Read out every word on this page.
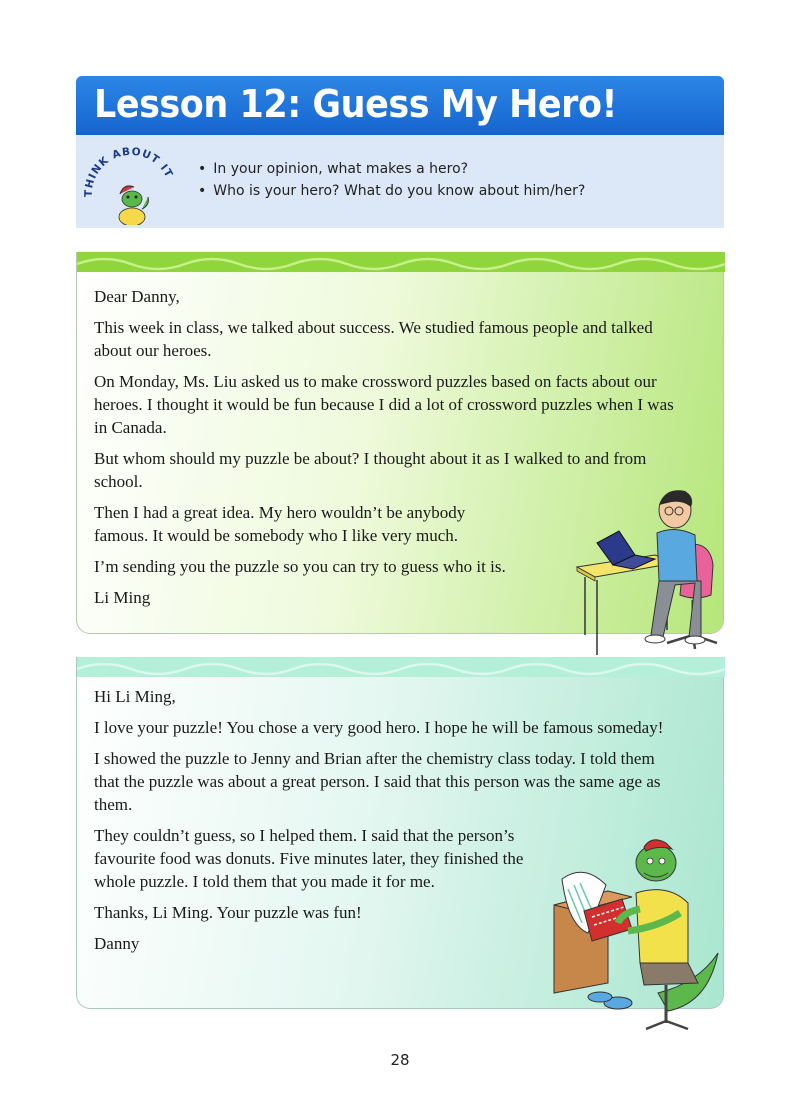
Lesson 12: Guess My Hero!
THINK ABOUT IT
•	In your opinion, what makes a hero?
• Who is your hero? What do you know about him/her?

Dear Danny,

This week in class, we talked about success. We studied famous people and talked about our heroes.

On Monday, Ms. Liu asked us to make crossword puzzles based on facts about our heroes. I thought it would be fun because I did a lot of crossword puzzles when I was in Canada.

But whom should my puzzle be about? I thought about it as I walked to and from school.

Then I had a great idea. My hero wouldn’t be anybody famous. It would be somebody who I like very much.

I’m sending you the puzzle so you can try to guess who it is.

Li Ming

Hi Li Ming,

I love your puzzle! You chose a very good hero. I hope he will be famous someday!

I showed the puzzle to Jenny and Brian after the chemistry class today. I told them that the puzzle was about a great person. I said that this person was the same age as them.

They couldn’t guess, so I helped them. I said that the person’s favourite food was donuts. Five minutes later, they finished the whole puzzle. I told them that you made it for me.

Thanks, Li Ming. Your puzzle was fun!

Danny

28
